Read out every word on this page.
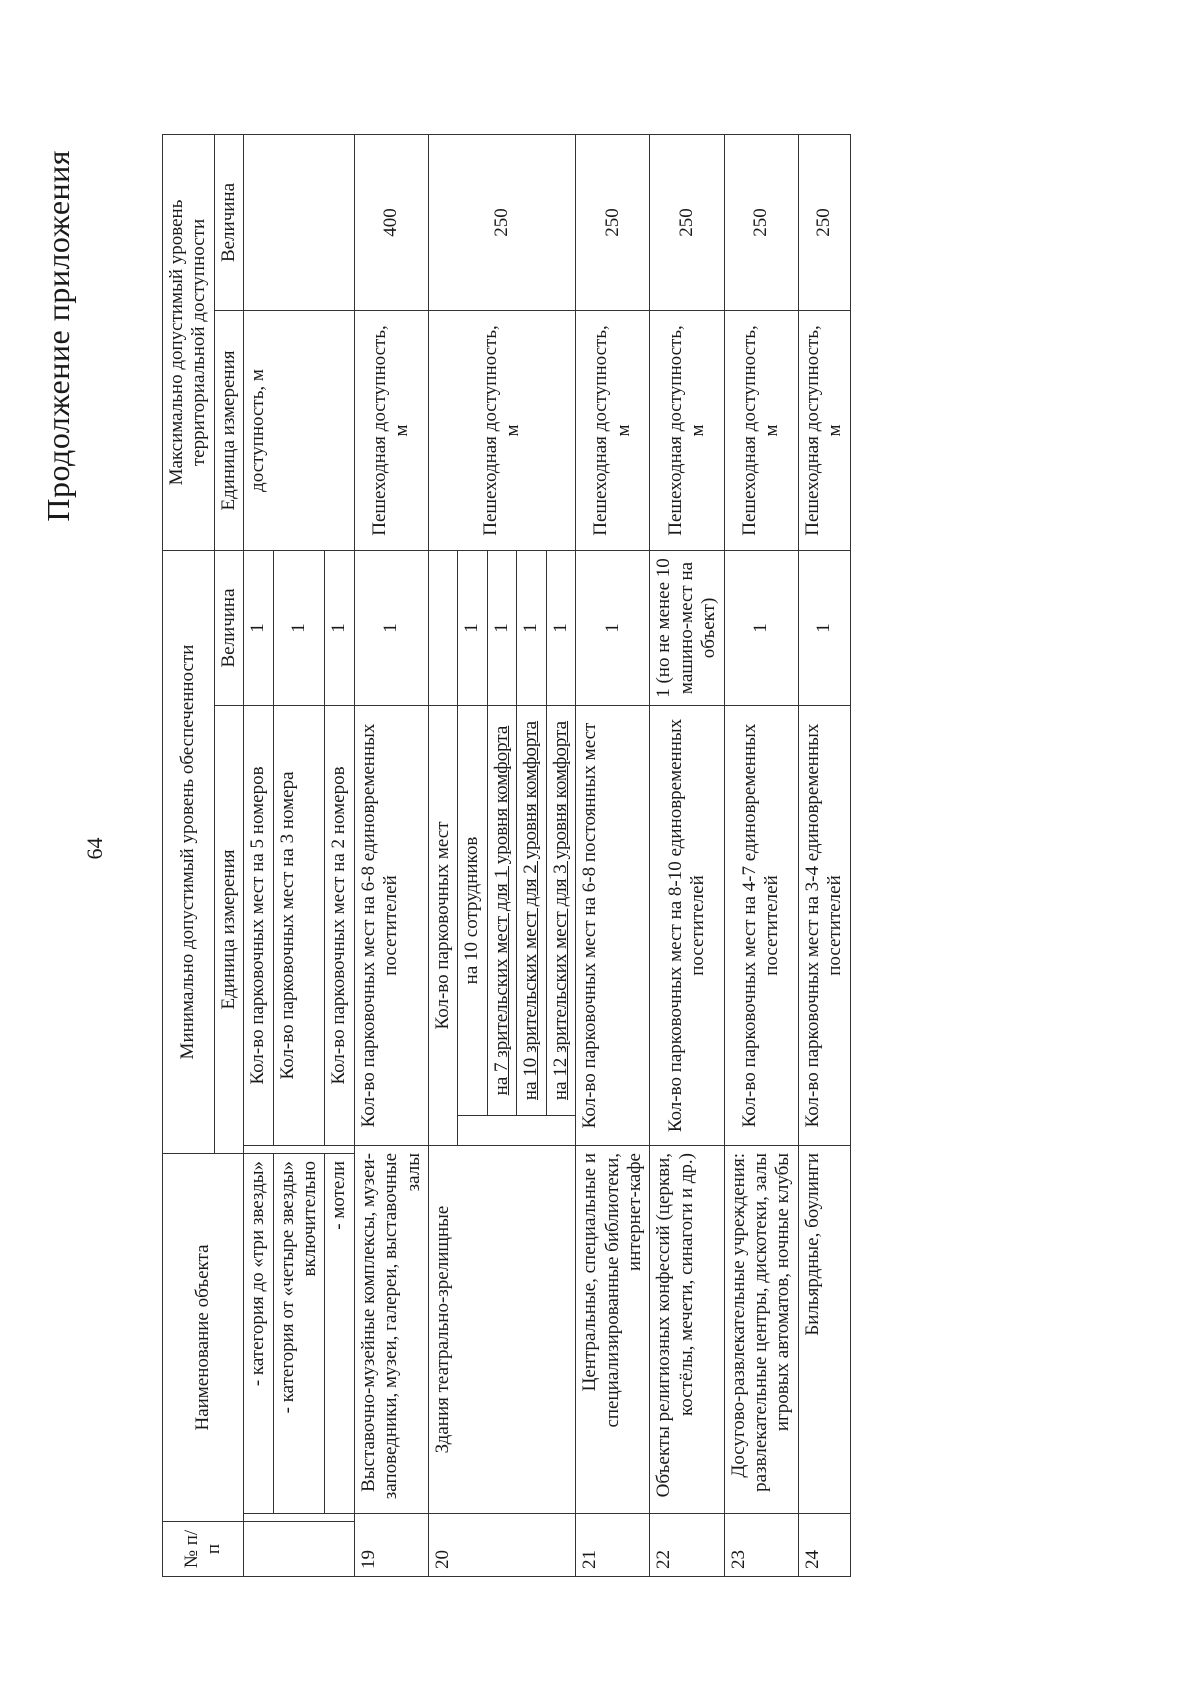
Продолжение приложения
64
№ п/п	Наименование объекта		Минимально допустимый уровень обеспеченности				Максимально допустимый уровень территориальной доступности	
			Единица измерения			Величина	Единица измерения	Величина
		- категория до «три звезды»		Кол-во парковочных мест на 5 номеров		1	доступность, м	
		- категория от «четыре звезды» включительно		Кол-во парковочных мест на 3 номера		1		
		- мотели		Кол-во парковочных мест на 2 номеров		1		
19		Выставочно-музейные комплексы, музеи-заповедники, музеи, галереи, выставочные залы		Кол-во парковочных мест на 6-8 единовременных посетителей		1	Пешеходная доступность, м	400
20		Здания театрально-зрелищные		Кол-во парковочных мест			Пешеходная доступность, м	250
					на 10 сотрудников	1		
					на 7 зрительских мест для 1 уровня комфорта	1		
					на 10 зрительских мест для 2 уровня комфорта	1		
					на 12 зрительских мест для 3 уровня комфорта	1		
21		Центральные, специальные и специализированные библиотеки, интернет-кафе		Кол-во парковочных мест на 6-8 постоянных мест		1	Пешеходная доступность, м	250
22		Объекты религиозных конфессий (церкви, костёлы, мечети, синагоги и др.)		Кол-во парковочных мест на 8-10 единовременных посетителей		1 (но не менее 10 машино-мест на объект)	Пешеходная доступность, м	250
23		Досугово-развлекательные учреждения: развлекательные центры, дискотеки, залы игровых автоматов, ночные клубы		Кол-во парковочных мест на 4-7 единовременных посетителей		1	Пешеходная доступность, м	250
24		Бильярдные, боулинги		Кол-во парковочных мест на 3-4 единовременных посетителей		1	Пешеходная доступность, м	250
